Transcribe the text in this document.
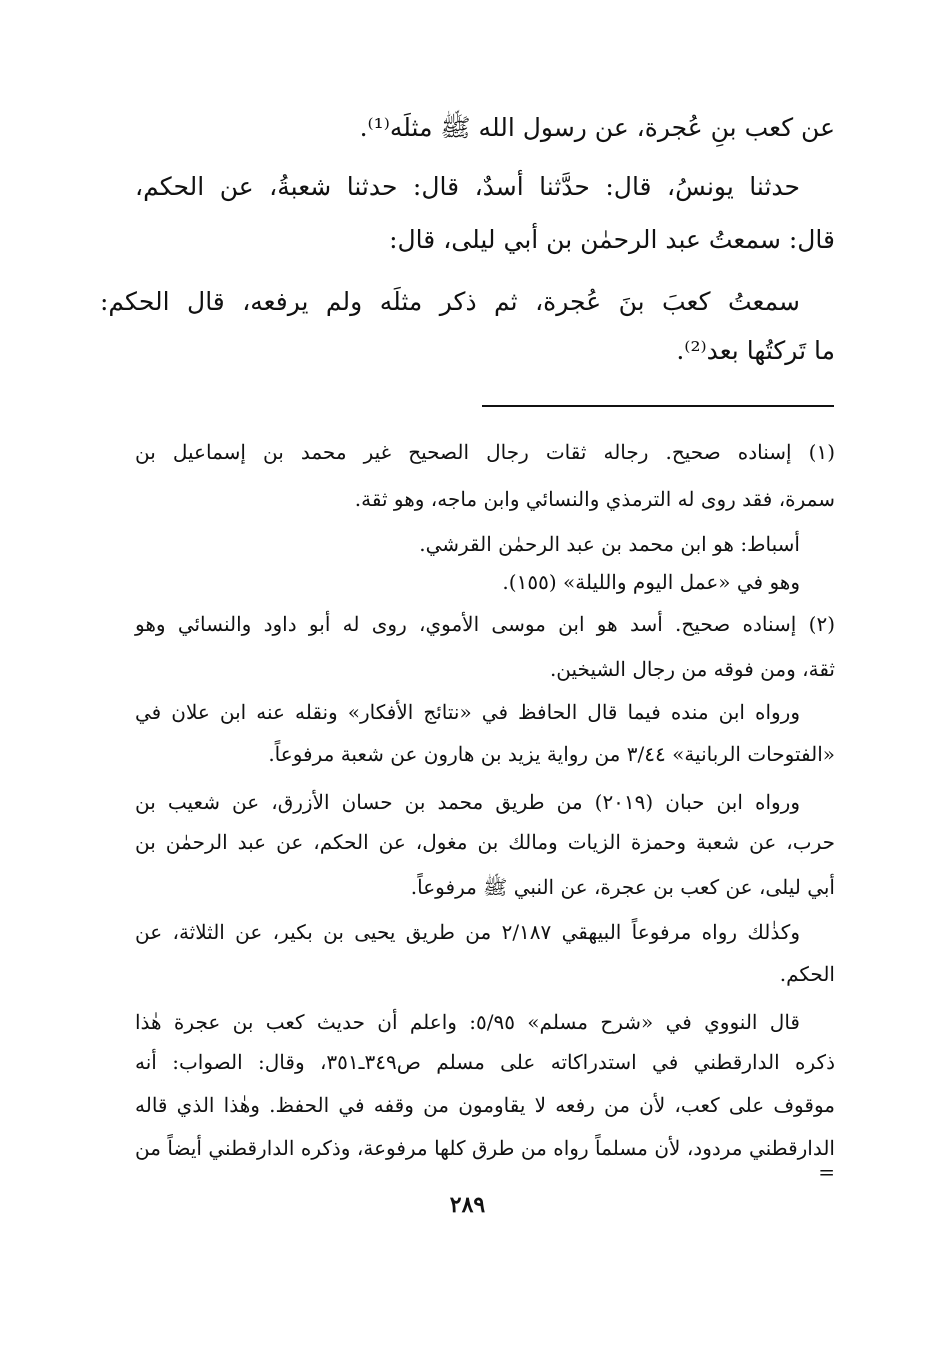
عن كعب بنِ عُجرة، عن رسول الله ﷺ مثلَه⁽¹⁾.
حدثنا يونسُ، قال: حدَّثنا أسدٌ، قال: حدثنا شعبةُ، عن الحكم،
قال: سمعتُ عبد الرحمٰن بن أبي ليلى، قال:
سمعتُ كعبَ بنَ عُجرة، ثم ذكر مثلَه ولم يرفعه، قال الحكم:
ما تَركتُها بعد⁽²⁾.
(١) إسناده صحيح. رجاله ثقات رجال الصحيح غير محمد بن إسماعيل بن
سمرة، فقد روى له الترمذي والنسائي وابن ماجه، وهو ثقة.
أسباط: هو ابن محمد بن عبد الرحمٰن القرشي.
وهو في «عمل اليوم والليلة» (١٥٥).
(٢) إسناده صحيح. أسد هو ابن موسى الأموي، روى له أبو داود والنسائي وهو
ثقة، ومن فوقه من رجال الشيخين.
ورواه ابن منده فيما قال الحافظ في «نتائج الأفكار» ونقله عنه ابن علان في
«الفتوحات الربانية» ٣/٤٤ من رواية يزيد بن هارون عن شعبة مرفوعاً.
ورواه ابن حبان (٢٠١٩) من طريق محمد بن حسان الأزرق، عن شعيب بن
حرب، عن شعبة وحمزة الزيات ومالك بن مغول، عن الحكم، عن عبد الرحمٰن بن
أبي ليلى، عن كعب بن عجرة، عن النبي ﷺ مرفوعاً.
وكذٰلك رواه مرفوعاً البيهقي ٢/١٨٧ من طريق يحيى بن بكير، عن الثلاثة، عن
الحكم.
قال النووي في «شرح مسلم» ٥/٩٥: واعلم أن حديث كعب بن عجرة هٰذا
ذكره الدارقطني في استدراكاته على مسلم ص٣٤٩ـ٣٥١، وقال: الصواب: أنه
موقوف على كعب، لأن من رفعه لا يقاومون من وقفه في الحفظ. وهٰذا الذي قاله
الدارقطني مردود، لأن مسلماً رواه من طرق كلها مرفوعة، وذكره الدارقطني أيضاً من =
٢٨٩
